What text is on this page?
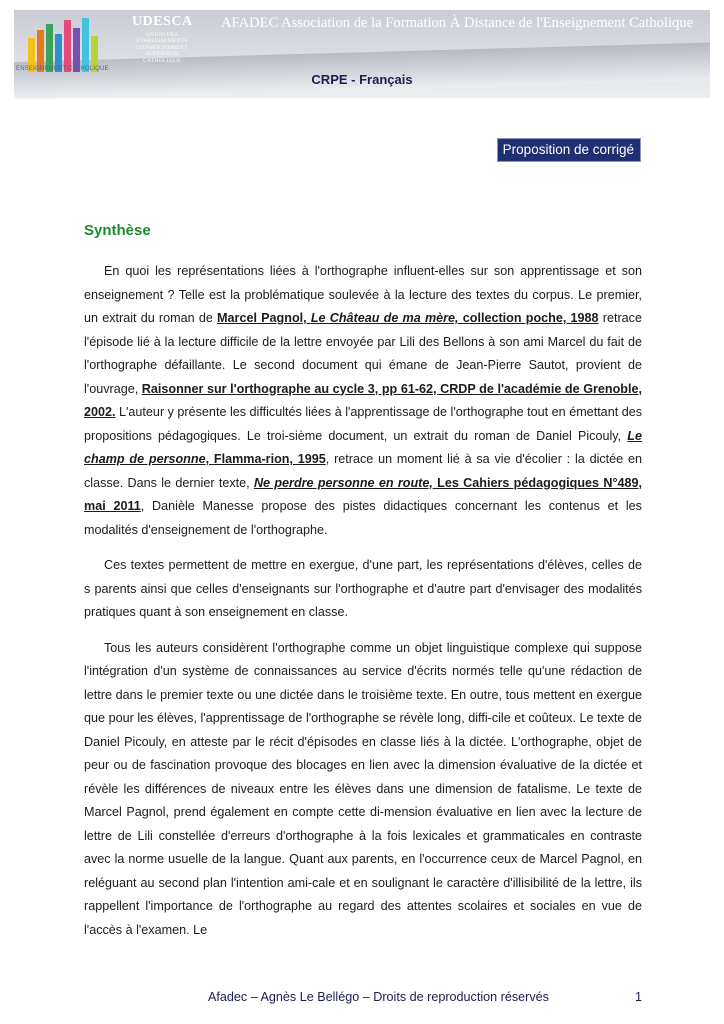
ENSEIGNEMENT CATHOLIQUE
UDESCA
UNION DES ÉTABLISSEMENTS D'ENSEIGNEMENT SUPÉRIEUR CATHOLIQUE
AFADEC Association de la Formation À Distance de l'Enseignement Catholique
CRPE - Français
Proposition de corrigé
Synthèse

En quoi les représentations liées à l'orthographe influent-elles sur son apprentissage et son enseignement ? Telle est la problématique soulevée à la lecture des textes du corpus. Le premier, un extrait du roman de Marcel Pagnol, Le Château de ma mère, collection poche, 1988 retrace l'épisode lié à la lecture difficile de la lettre envoyée par Lili des Bellons à son ami Marcel du fait de l'orthographe défaillante. Le second document qui émane de Jean-Pierre Sautot, provient de l'ouvrage, Raisonner sur l'orthographe au cycle 3, pp 61-62, CRDP de l'académie de Grenoble, 2002. L'auteur y présente les difficultés liées à l'apprentissage de l'orthographe tout en émettant des propositions pédagogiques. Le troi-sième document, un extrait du roman de Daniel Picouly, Le champ de personne, Flamma-rion, 1995, retrace un moment lié à sa vie d'écolier : la dictée en classe. Dans le dernier texte, Ne perdre personne en route, Les Cahiers pédagogiques N°489, mai 2011, Danièle Manesse propose des pistes didactiques concernant les contenus et les modalités d'enseignement de l'orthographe.

Ces textes permettent de mettre en exergue, d'une part, les représentations d'élèves, celles de s parents ainsi que celles d'enseignants sur l'orthographe et d'autre part d'envisager des modalités pratiques quant à son enseignement en classe.

Tous les auteurs considèrent l'orthographe comme un objet linguistique complexe qui suppose l'intégration d'un système de connaissances au service d'écrits normés telle qu'une rédaction de lettre dans le premier texte ou une dictée dans le troisième texte. En outre, tous mettent en exergue que pour les élèves, l'apprentissage de l'orthographe se révèle long, diffi-cile et coûteux. Le texte de Daniel Picouly, en atteste par le récit d'épisodes en classe liés à la dictée. L'orthographe, objet de peur ou de fascination provoque des blocages en lien avec la dimension évaluative de la dictée et révèle les différences de niveaux entre les élèves dans une dimension de fatalisme. Le texte de Marcel Pagnol, prend également en compte cette di-mension évaluative en lien avec la lecture de lettre de Lili constellée d'erreurs d'orthographe à la fois lexicales et grammaticales en contraste avec la norme usuelle de la langue. Quant aux parents, en l'occurrence ceux de Marcel Pagnol, en reléguant au second plan l'intention ami-cale et en soulignant le caractère d'illisibilité de la lettre, ils rappellent l'importance de l'orthographe au regard des attentes scolaires et sociales en vue de l'accès à l'examen. Le

Afadec – Agnès Le Bellégo – Droits de reproduction réservés	1
